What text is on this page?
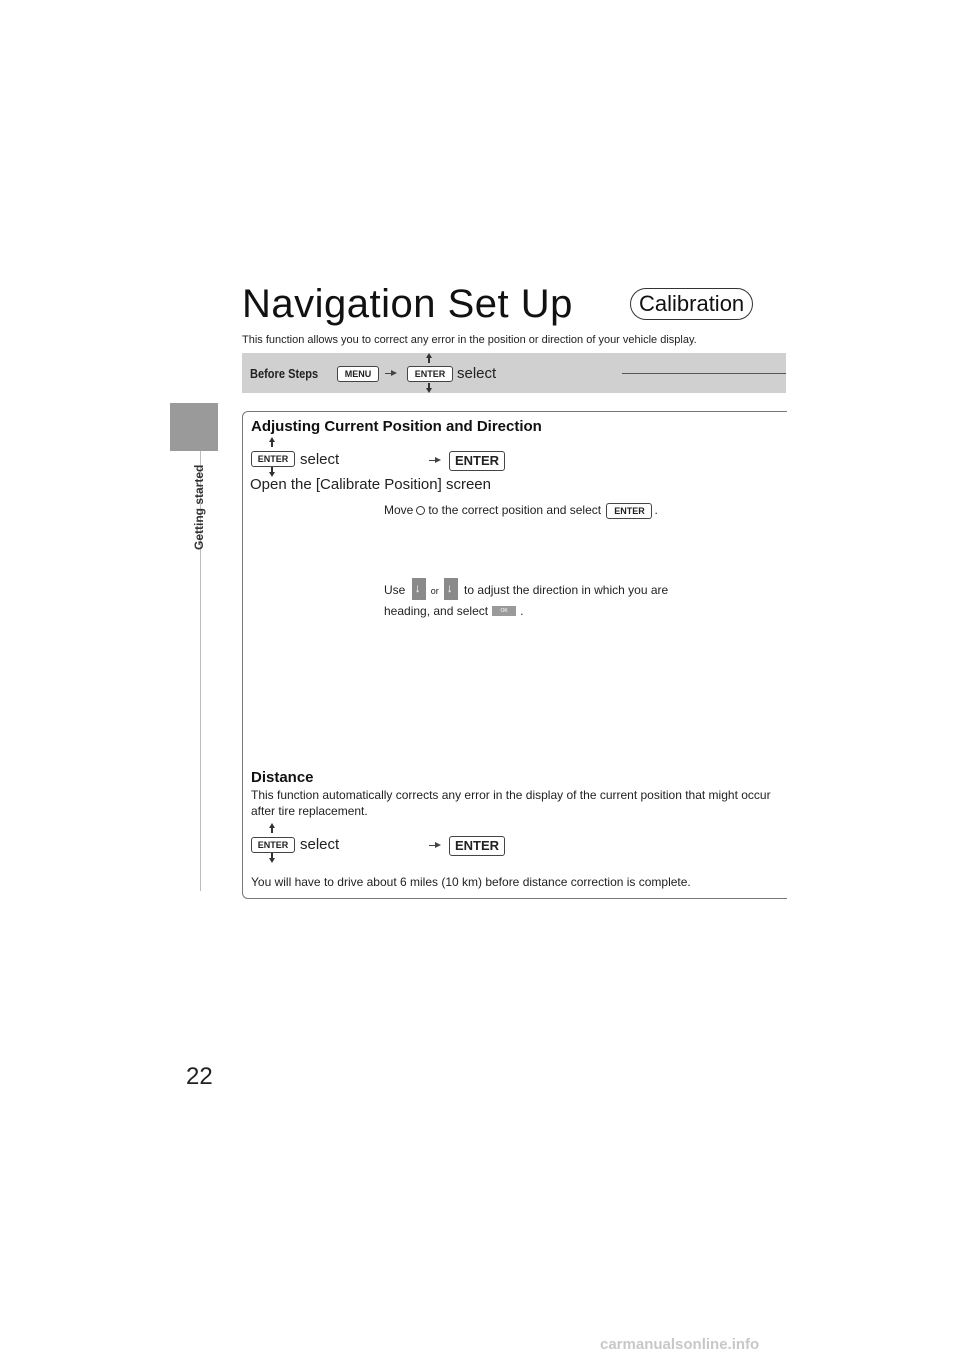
Getting started
22
Navigation Set Up	Calibration
This function allows you to correct any error in the position or direction of your vehicle display.
Before Steps	MENU	ENTER select
Adjusting Current Position and Direction
ENTER select	ENTER
Open the [Calibrate Position] screen
Move to the correct position and select ENTER .
Use ↓ or ↓ to adjust the direction in which you are
heading, and select OK .
Distance
This function automatically corrects any error in the display of the current position that might occur after tire replacement.
ENTER select	ENTER
You will have to drive about 6 miles (10 km) before distance correction is complete.
carmanualsonline.info
